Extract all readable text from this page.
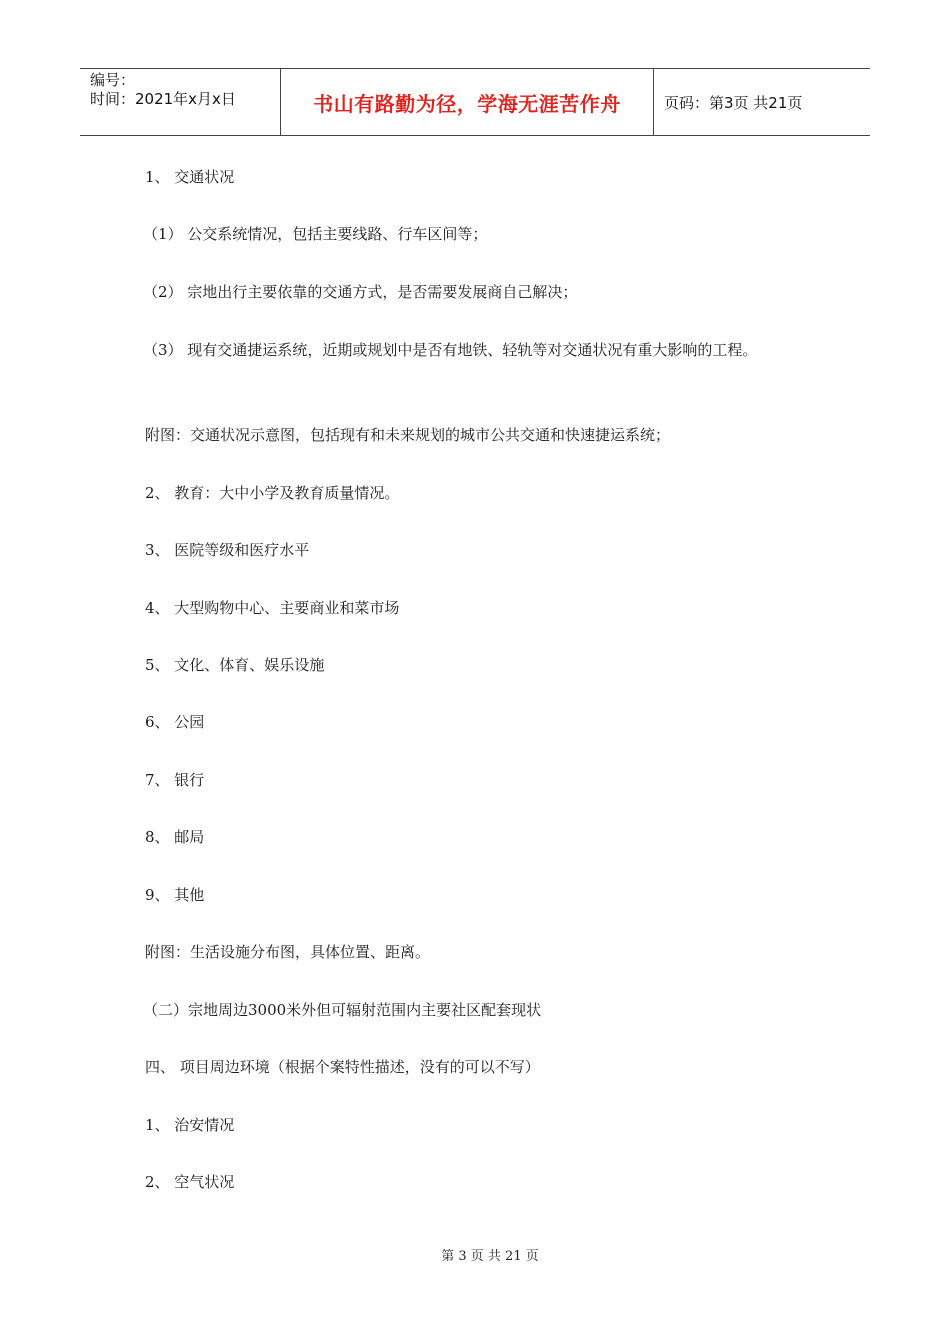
编号：
时间：2021年x月x日	书山有路勤为径，学海无涯苦作舟	页码：第3页 共21页
1、 交通状况
（1） 公交系统情况，包括主要线路、行车区间等；
（2） 宗地出行主要依靠的交通方式，是否需要发展商自己解决；
（3） 现有交通捷运系统，近期或规划中是否有地铁、轻轨等对交通状况有重大影响的工程。
附图：交通状况示意图，包括现有和未来规划的城市公共交通和快速捷运系统；
2、 教育：大中小学及教育质量情况。
3、 医院等级和医疗水平
4、 大型购物中心、主要商业和菜市场
5、 文化、体育、娱乐设施
6、 公园
7、 银行
8、 邮局
9、 其他
附图：生活设施分布图，具体位置、距离。
（二）宗地周边3000米外但可辐射范围内主要社区配套现状
四、 项目周边环境（根据个案特性描述，没有的可以不写）
1、 治安情况
2、 空气状况
第 3 页 共 21 页
